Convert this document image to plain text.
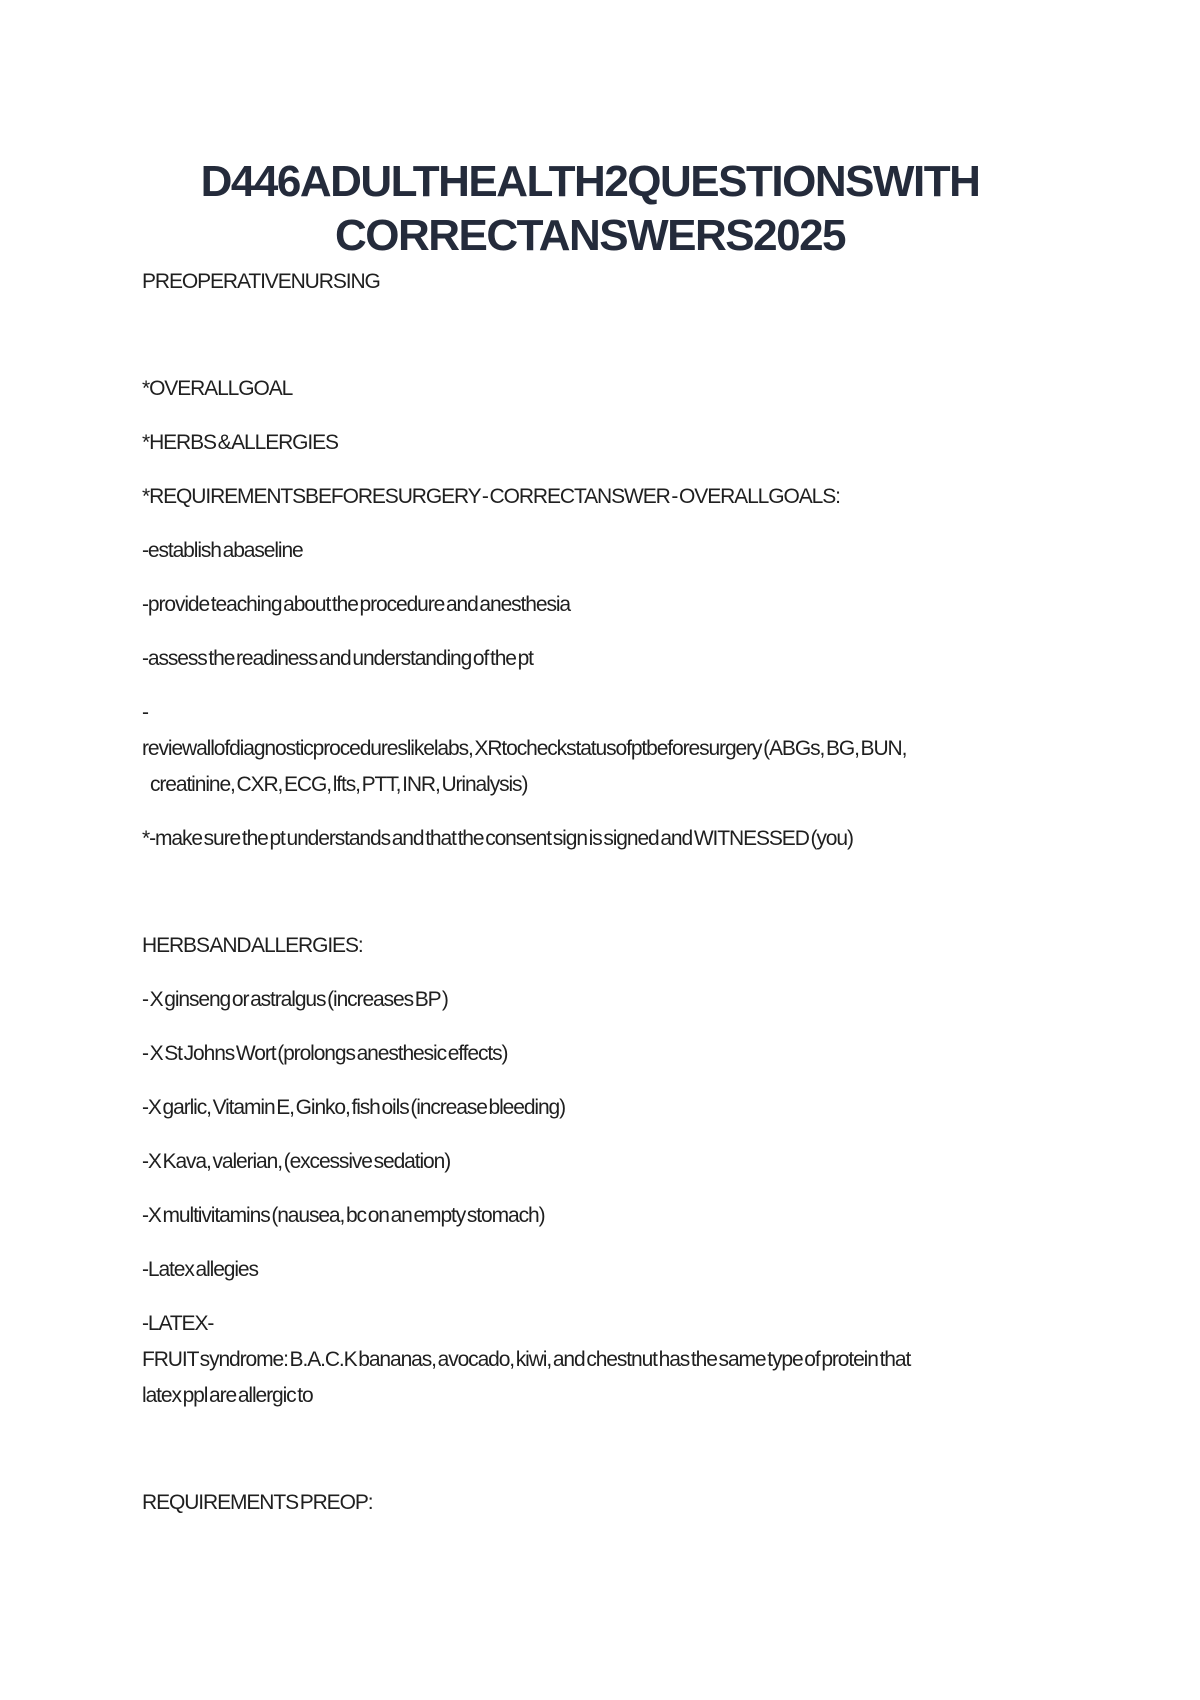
D446ADULTHEALTH2QUESTIONSWITH
CORRECTANSWERS2025

PREOPERATIVENURSING

*OVERALLGOAL

*HERBS & ALLERGIES

*REQUIREMENTSBEFORESURGERY - CORRECTANSWER - OVERALLGOALS:

-establish abaseline

-provide teaching about the procedure and anesthesia

-assess the readiness and understanding of the pt

-

reviewallofdiagnosticprocedureslikelabs, XRtocheckstatusofptbeforesurgery (ABGs, BG, BUN,

creatinine, CXR, ECG, lfts, PTT, INR, Urinalysis)

*-make sure the pt understands and that the consent sign is signed and WITNESSED (you)

HERBS AND ALLERGIES:

- X ginseng or astralgus (increases BP )

- X St Johns Wort (prolongs anesthesic effects)

-X garlic, Vitamin E, Ginko, fish oils (increase bleeding)

-X Kava, valerian, (excessive sedation)

-X multivitamins (nausea, bc on an empty stomach)

-Latex allegies

-LATEX-

FRUIT syndrome: B.A.C.K bananas, avocado, kiwi, and chestnut has the same type of protein that

latex ppl are allergic to

REQUIREMENTS PREOP:
